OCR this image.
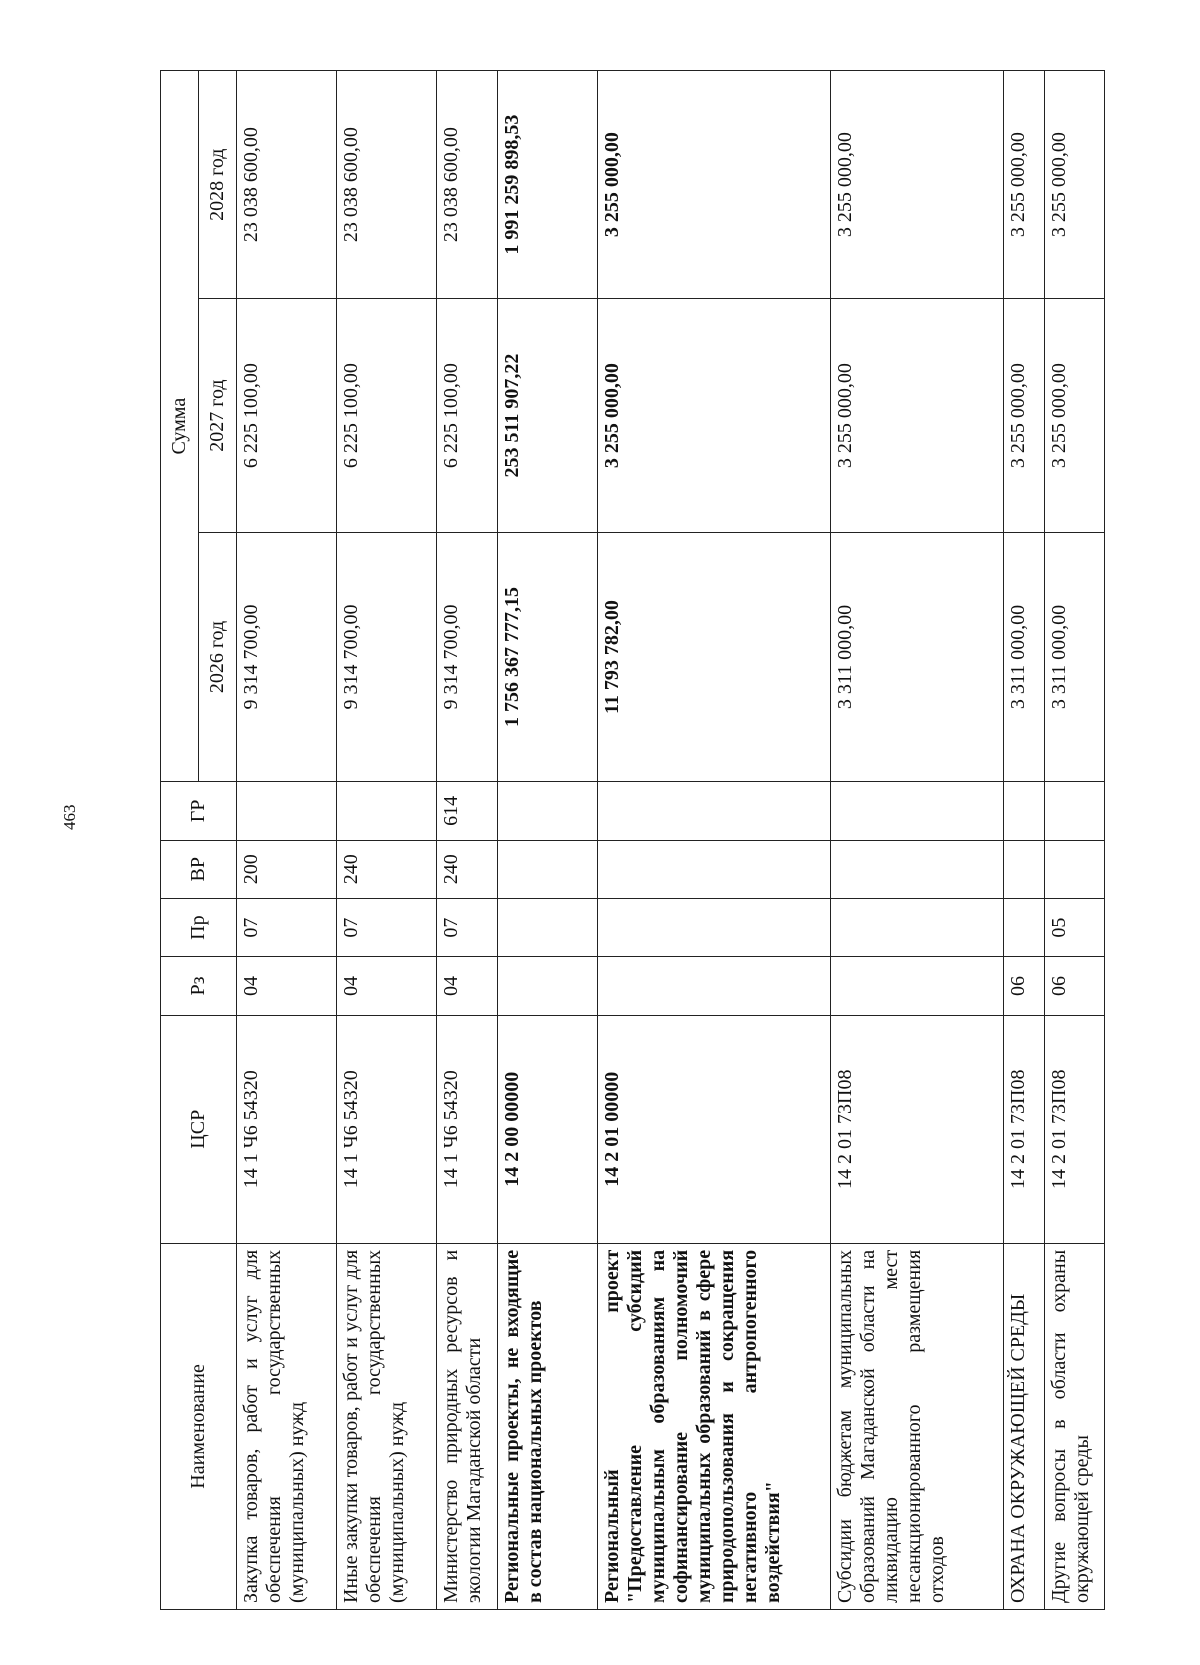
463
Наименование	ЦСР	Рз	Пр	ВР	ГР	Сумма		
						2026 год	2027 год	2028 год
Закупка товаров, работ и услуг для обеспечения государственных (муниципальных) нужд	14 1 Ч6 54320	04	07	200		9 314 700,00	6 225 100,00	23 038 600,00
Иные закупки товаров, работ и услуг для обеспечения государственных (муниципальных) нужд	14 1 Ч6 54320	04	07	240		9 314 700,00	6 225 100,00	23 038 600,00
Министерство природных ресурсов и экологии Магаданской области	14 1 Ч6 54320	04	07	240	614	9 314 700,00	6 225 100,00	23 038 600,00
Региональные проекты, не входящие в состав национальных проектов	14 2 00 00000					1 756 367 777,15	253 511 907,22	1 991 259 898,53
Региональный проект "Предоставление субсидий муниципальным образованиям на софинансирование полномочий муниципальных образований в сфере природопользования и сокращения негативного антропогенного воздействия"	14 2 01 00000					11 793 782,00	3 255 000,00	3 255 000,00
Субсидии бюджетам муниципальных образований Магаданской области на ликвидацию мест несанкционированного размещения отходов	14 2 01 73П08					3 311 000,00	3 255 000,00	3 255 000,00
ОХРАНА ОКРУЖАЮЩЕЙ СРЕДЫ	14 2 01 73П08	06				3 311 000,00	3 255 000,00	3 255 000,00
Другие вопросы в области охраны окружающей среды	14 2 01 73П08	06	05			3 311 000,00	3 255 000,00	3 255 000,00
